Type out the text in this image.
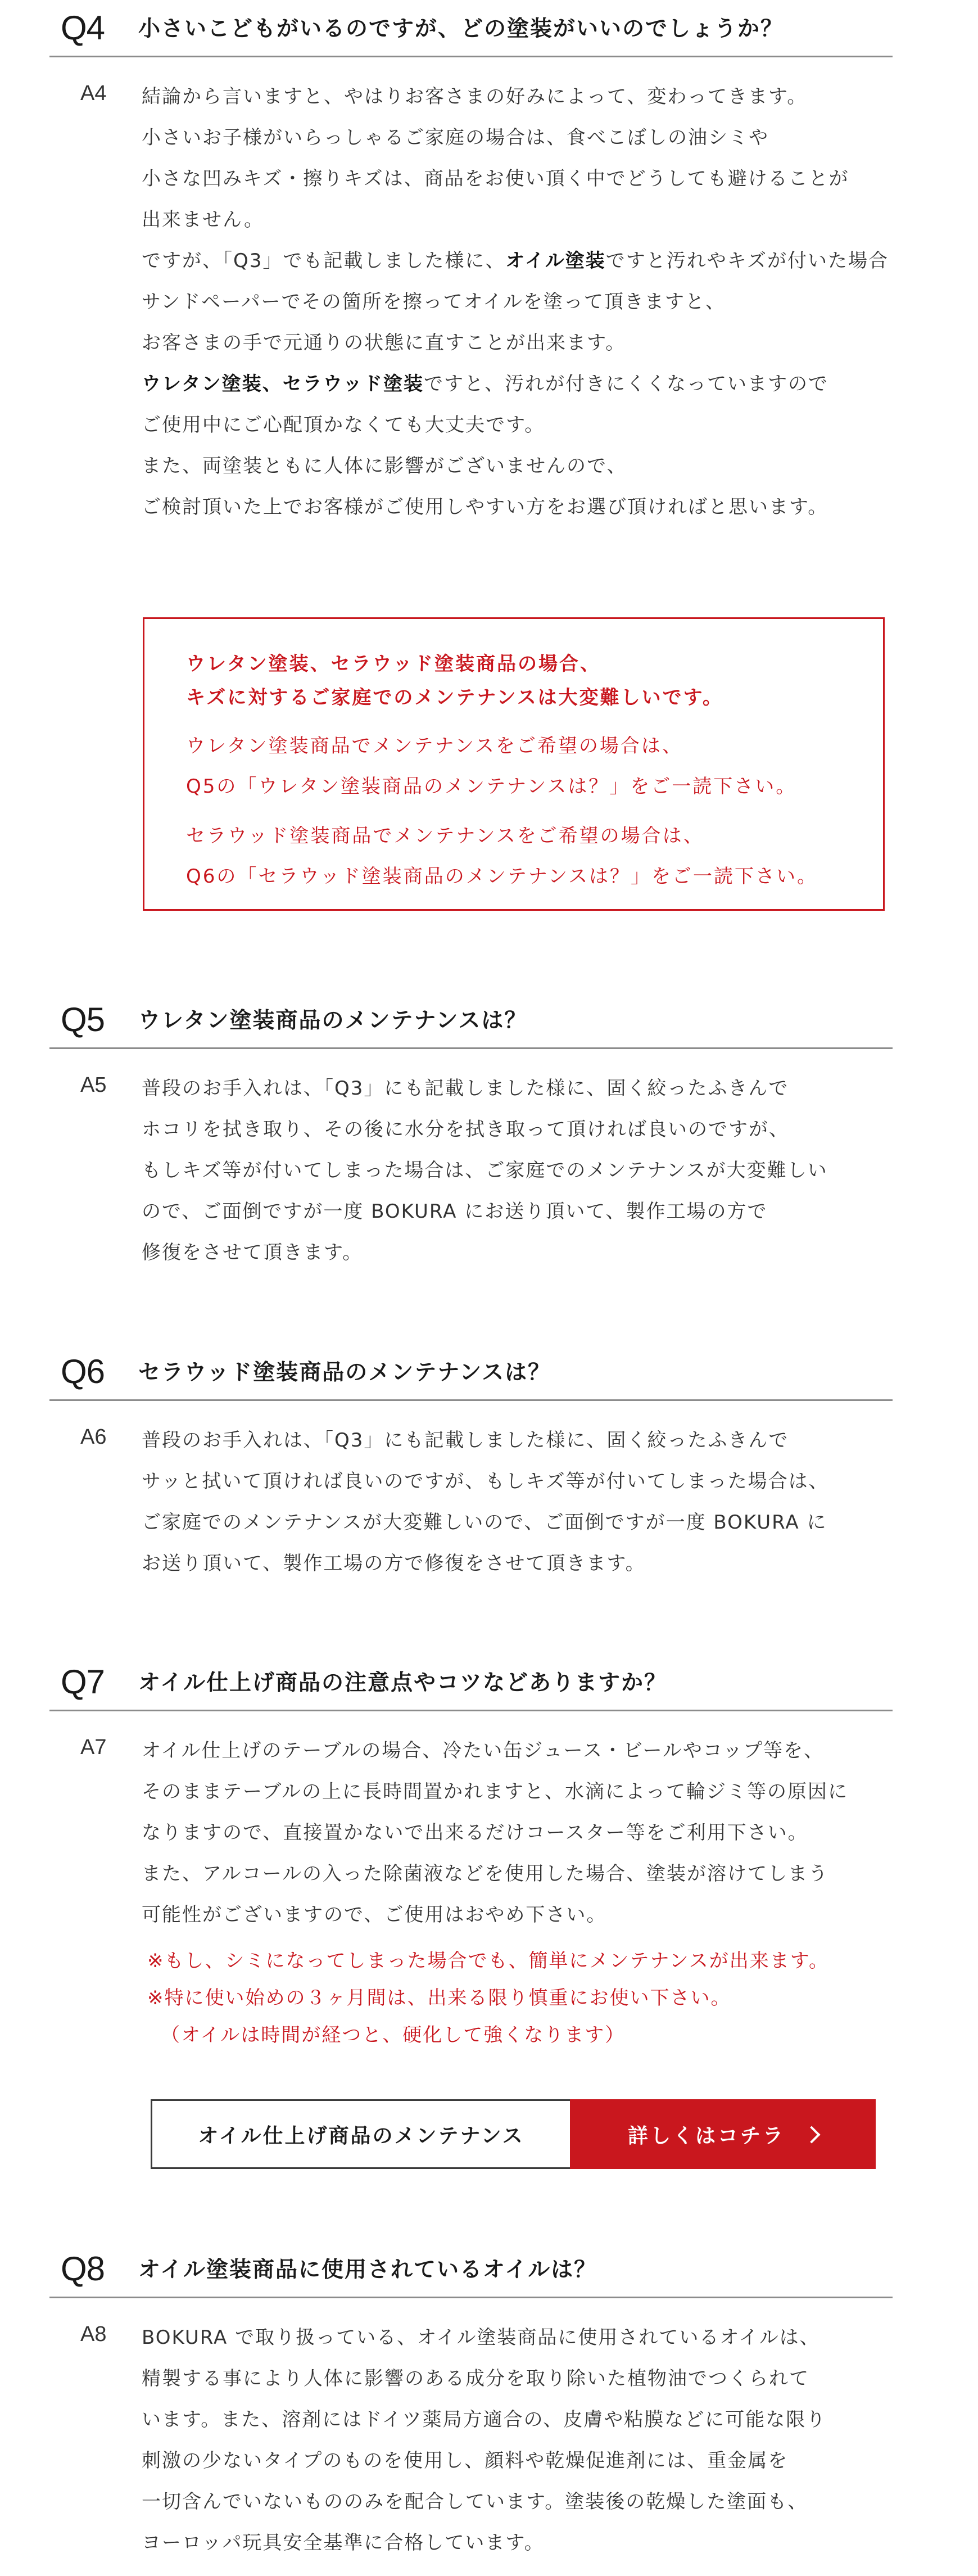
Q4 小さいこどもがいるのですが、どの塗装がいいのでしょうか？
A4 結論から言いますと、やはりお客さまの好みによって、変わってきます。
小さいお子様がいらっしゃるご家庭の場合は、食べこぼしの油シミや
小さな凹みキズ・擦りキズは、商品をお使い頂く中でどうしても避けることが
出来ません。
ですが、「Q3」でも記載しました様に、オイル塗装ですと汚れやキズが付いた場合
サンドペーパーでその箇所を擦ってオイルを塗って頂きますと、
お客さまの手で元通りの状態に直すことが出来ます。
ウレタン塗装、セラウッド塗装ですと、汚れが付きにくくなっていますので
ご使用中にご心配頂かなくても大丈夫です。
また、両塗装ともに人体に影響がございませんので、
ご検討頂いた上でお客様がご使用しやすい方をお選び頂ければと思います。
ウレタン塗装、セラウッド塗装商品の場合、
キズに対するご家庭でのメンテナンスは大変難しいです。
ウレタン塗装商品でメンテナンスをご希望の場合は、
Q5の「ウレタン塗装商品のメンテナンスは？」をご一読下さい。
セラウッド塗装商品でメンテナンスをご希望の場合は、
Q6の「セラウッド塗装商品のメンテナンスは？」をご一読下さい。
Q5 ウレタン塗装商品のメンテナンスは？
A5 普段のお手入れは、「Q3」にも記載しました様に、固く絞ったふきんで
ホコリを拭き取り、その後に水分を拭き取って頂ければ良いのですが、
もしキズ等が付いてしまった場合は、ご家庭でのメンテナンスが大変難しい
ので、ご面倒ですが一度 BOKURA にお送り頂いて、製作工場の方で
修復をさせて頂きます。
Q6 セラウッド塗装商品のメンテナンスは？
A6 普段のお手入れは、「Q3」にも記載しました様に、固く絞ったふきんで
サッと拭いて頂ければ良いのですが、もしキズ等が付いてしまった場合は、
ご家庭でのメンテナンスが大変難しいので、ご面倒ですが一度 BOKURA に
お送り頂いて、製作工場の方で修復をさせて頂きます。
Q7 オイル仕上げ商品の注意点やコツなどありますか？
A7 オイル仕上げのテーブルの場合、冷たい缶ジュース・ビールやコップ等を、
そのままテーブルの上に長時間置かれますと、水滴によって輪ジミ等の原因に
なりますので、直接置かないで出来るだけコースター等をご利用下さい。
また、アルコールの入った除菌液などを使用した場合、塗装が溶けてしまう
可能性がございますので、ご使用はおやめ下さい。
※もし、シミになってしまった場合でも、簡単にメンテナンスが出来ます。
※特に使い始めの３ヶ月間は、出来る限り慎重にお使い下さい。
（オイルは時間が経つと、硬化して強くなります）
オイル仕上げ商品のメンテナンス	詳しくはコチラ
Q8 オイル塗装商品に使用されているオイルは？
A8 BOKURA で取り扱っている、オイル塗装商品に使用されているオイルは、
精製する事により人体に影響のある成分を取り除いた植物油でつくられて
います。また、溶剤にはドイツ薬局方適合の、皮膚や粘膜などに可能な限り
刺激の少ないタイプのものを使用し、顔料や乾燥促進剤には、重金属を
一切含んでいないもののみを配合しています。塗装後の乾燥した塗面も、
ヨーロッパ玩具安全基準に合格しています。
